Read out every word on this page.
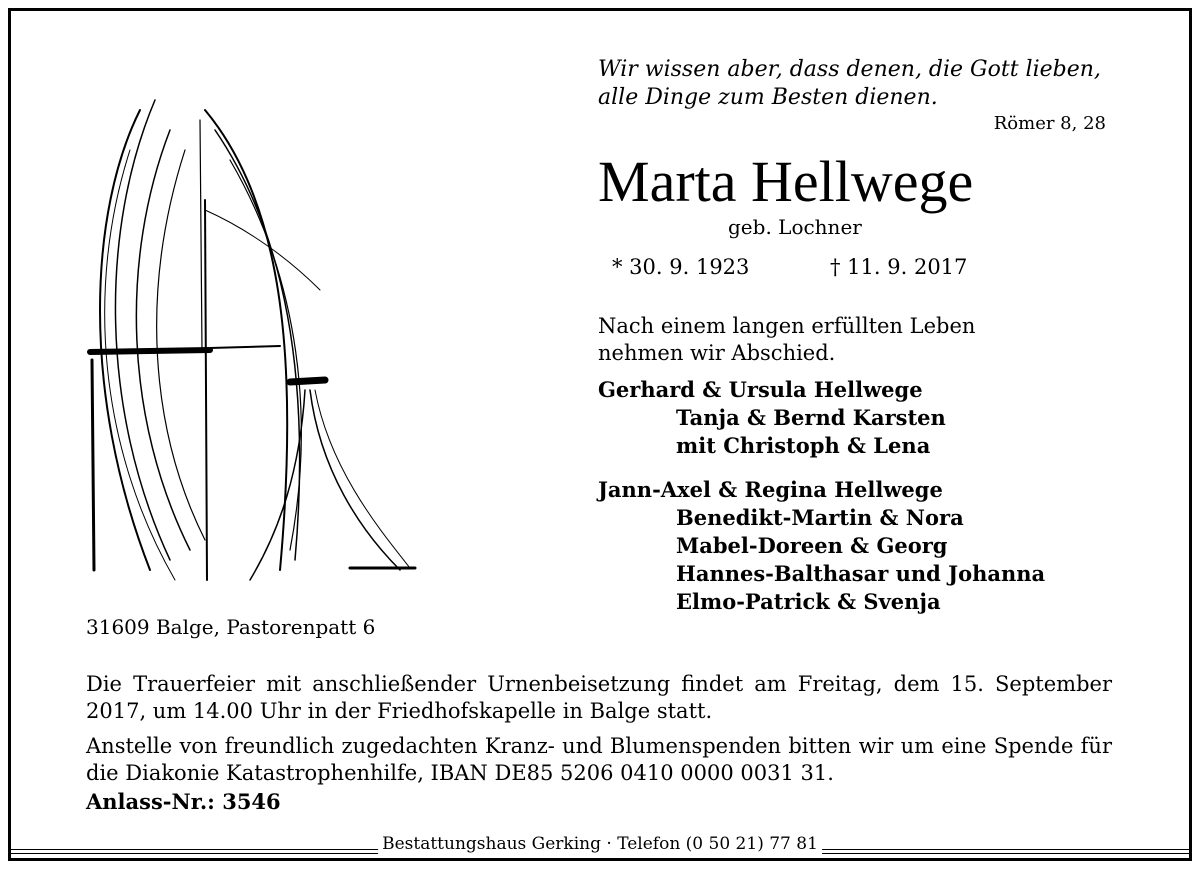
Wir wissen aber, dass denen, die Gott lieben,
alle Dinge zum Besten dienen.
Römer 8, 28
Marta Hellwege
geb. Lochner
* 30. 9. 1923	† 11. 9. 2017
Nach einem langen erfüllten Leben nehmen wir Abschied.
Gerhard & Ursula Hellwege
Tanja & Bernd Karsten
mit Christoph & Lena
Jann-Axel & Regina Hellwege
Benedikt-Martin & Nora
Mabel-Doreen & Georg
Hannes-Balthasar und Johanna
Elmo-Patrick & Svenja
31609 Balge, Pastorenpatt 6
Die Trauerfeier mit anschließender Urnenbeisetzung findet am Freitag, dem 15. September 2017, um 14.00 Uhr in der Friedhofskapelle in Balge statt.
Anstelle von freundlich zugedachten Kranz- und Blumenspenden bitten wir um eine Spende für die Diakonie Katastrophenhilfe, IBAN DE85 5206 0410 0000 0031 31.
Anlass-Nr.: 3546
Bestattungshaus Gerking · Telefon (0 50 21) 77 81
